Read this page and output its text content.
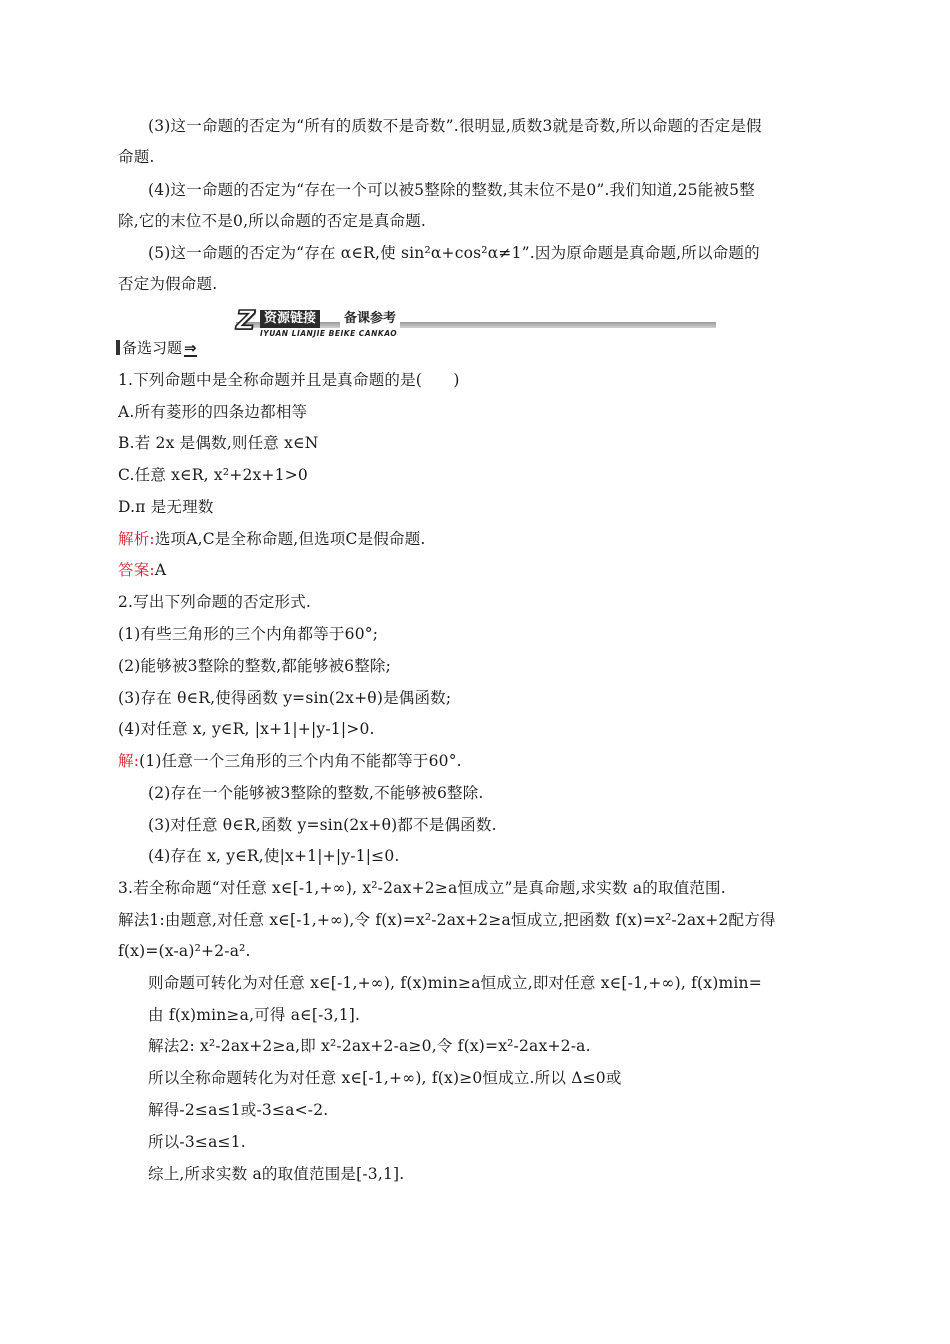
(3)这一命题的否定为“所有的质数不是奇数”.很明显,质数3就是奇数,所以命题的否定是假
命题.
(4)这一命题的否定为“存在一个可以被5整除的整数,其末位不是0”.我们知道,25能被5整
除,它的末位不是0,所以命题的否定是真命题.
(5)这一命题的否定为“存在 α∈R,使 sin²α+cos²α≠1”.因为原命题是真命题,所以命题的
否定为假命题.
资源链接	备课参考
Z IYUAN LIANJIE BEIKE CANKAO
备选习题 ⇒
1.下列命题中是全称命题并且是真命题的是(　　)
A.所有菱形的四条边都相等
B.若 2x 是偶数,则任意 x∈N
C.任意 x∈R, x²+2x+1>0
D.π 是无理数
解析:选项A,C是全称命题,但选项C是假命题.
答案:A
2.写出下列命题的否定形式.
(1)有些三角形的三个内角都等于60°;
(2)能够被3整除的整数,都能够被6整除;
(3)存在 θ∈R,使得函数 y=sin(2x+θ)是偶函数;
(4)对任意 x, y∈R, |x+1|+|y-1|>0.
解:(1)任意一个三角形的三个内角不能都等于60°.
(2)存在一个能够被3整除的整数,不能够被6整除.
(3)对任意 θ∈R,函数 y=sin(2x+θ)都不是偶函数.
(4)存在 x, y∈R,使|x+1|+|y-1|≤0.
3.若全称命题“对任意 x∈[-1,+∞), x²-2ax+2≥a恒成立”是真命题,求实数 a的取值范围.
解法1:由题意,对任意 x∈[-1,+∞),令 f(x)=x²-2ax+2≥a恒成立,把函数 f(x)=x²-2ax+2配方得
f(x)=(x-a)²+2-a².
则命题可转化为对任意 x∈[-1,+∞), f(x)min≥a恒成立,即对任意 x∈[-1,+∞), f(x)min=
由 f(x)min≥a,可得 a∈[-3,1].
解法2: x²-2ax+2≥a,即 x²-2ax+2-a≥0,令 f(x)=x²-2ax+2-a.
所以全称命题转化为对任意 x∈[-1,+∞), f(x)≥0恒成立.所以 Δ≤0或
解得-2≤a≤1或-3≤a<-2.
所以-3≤a≤1.
综上,所求实数 a的取值范围是[-3,1].
